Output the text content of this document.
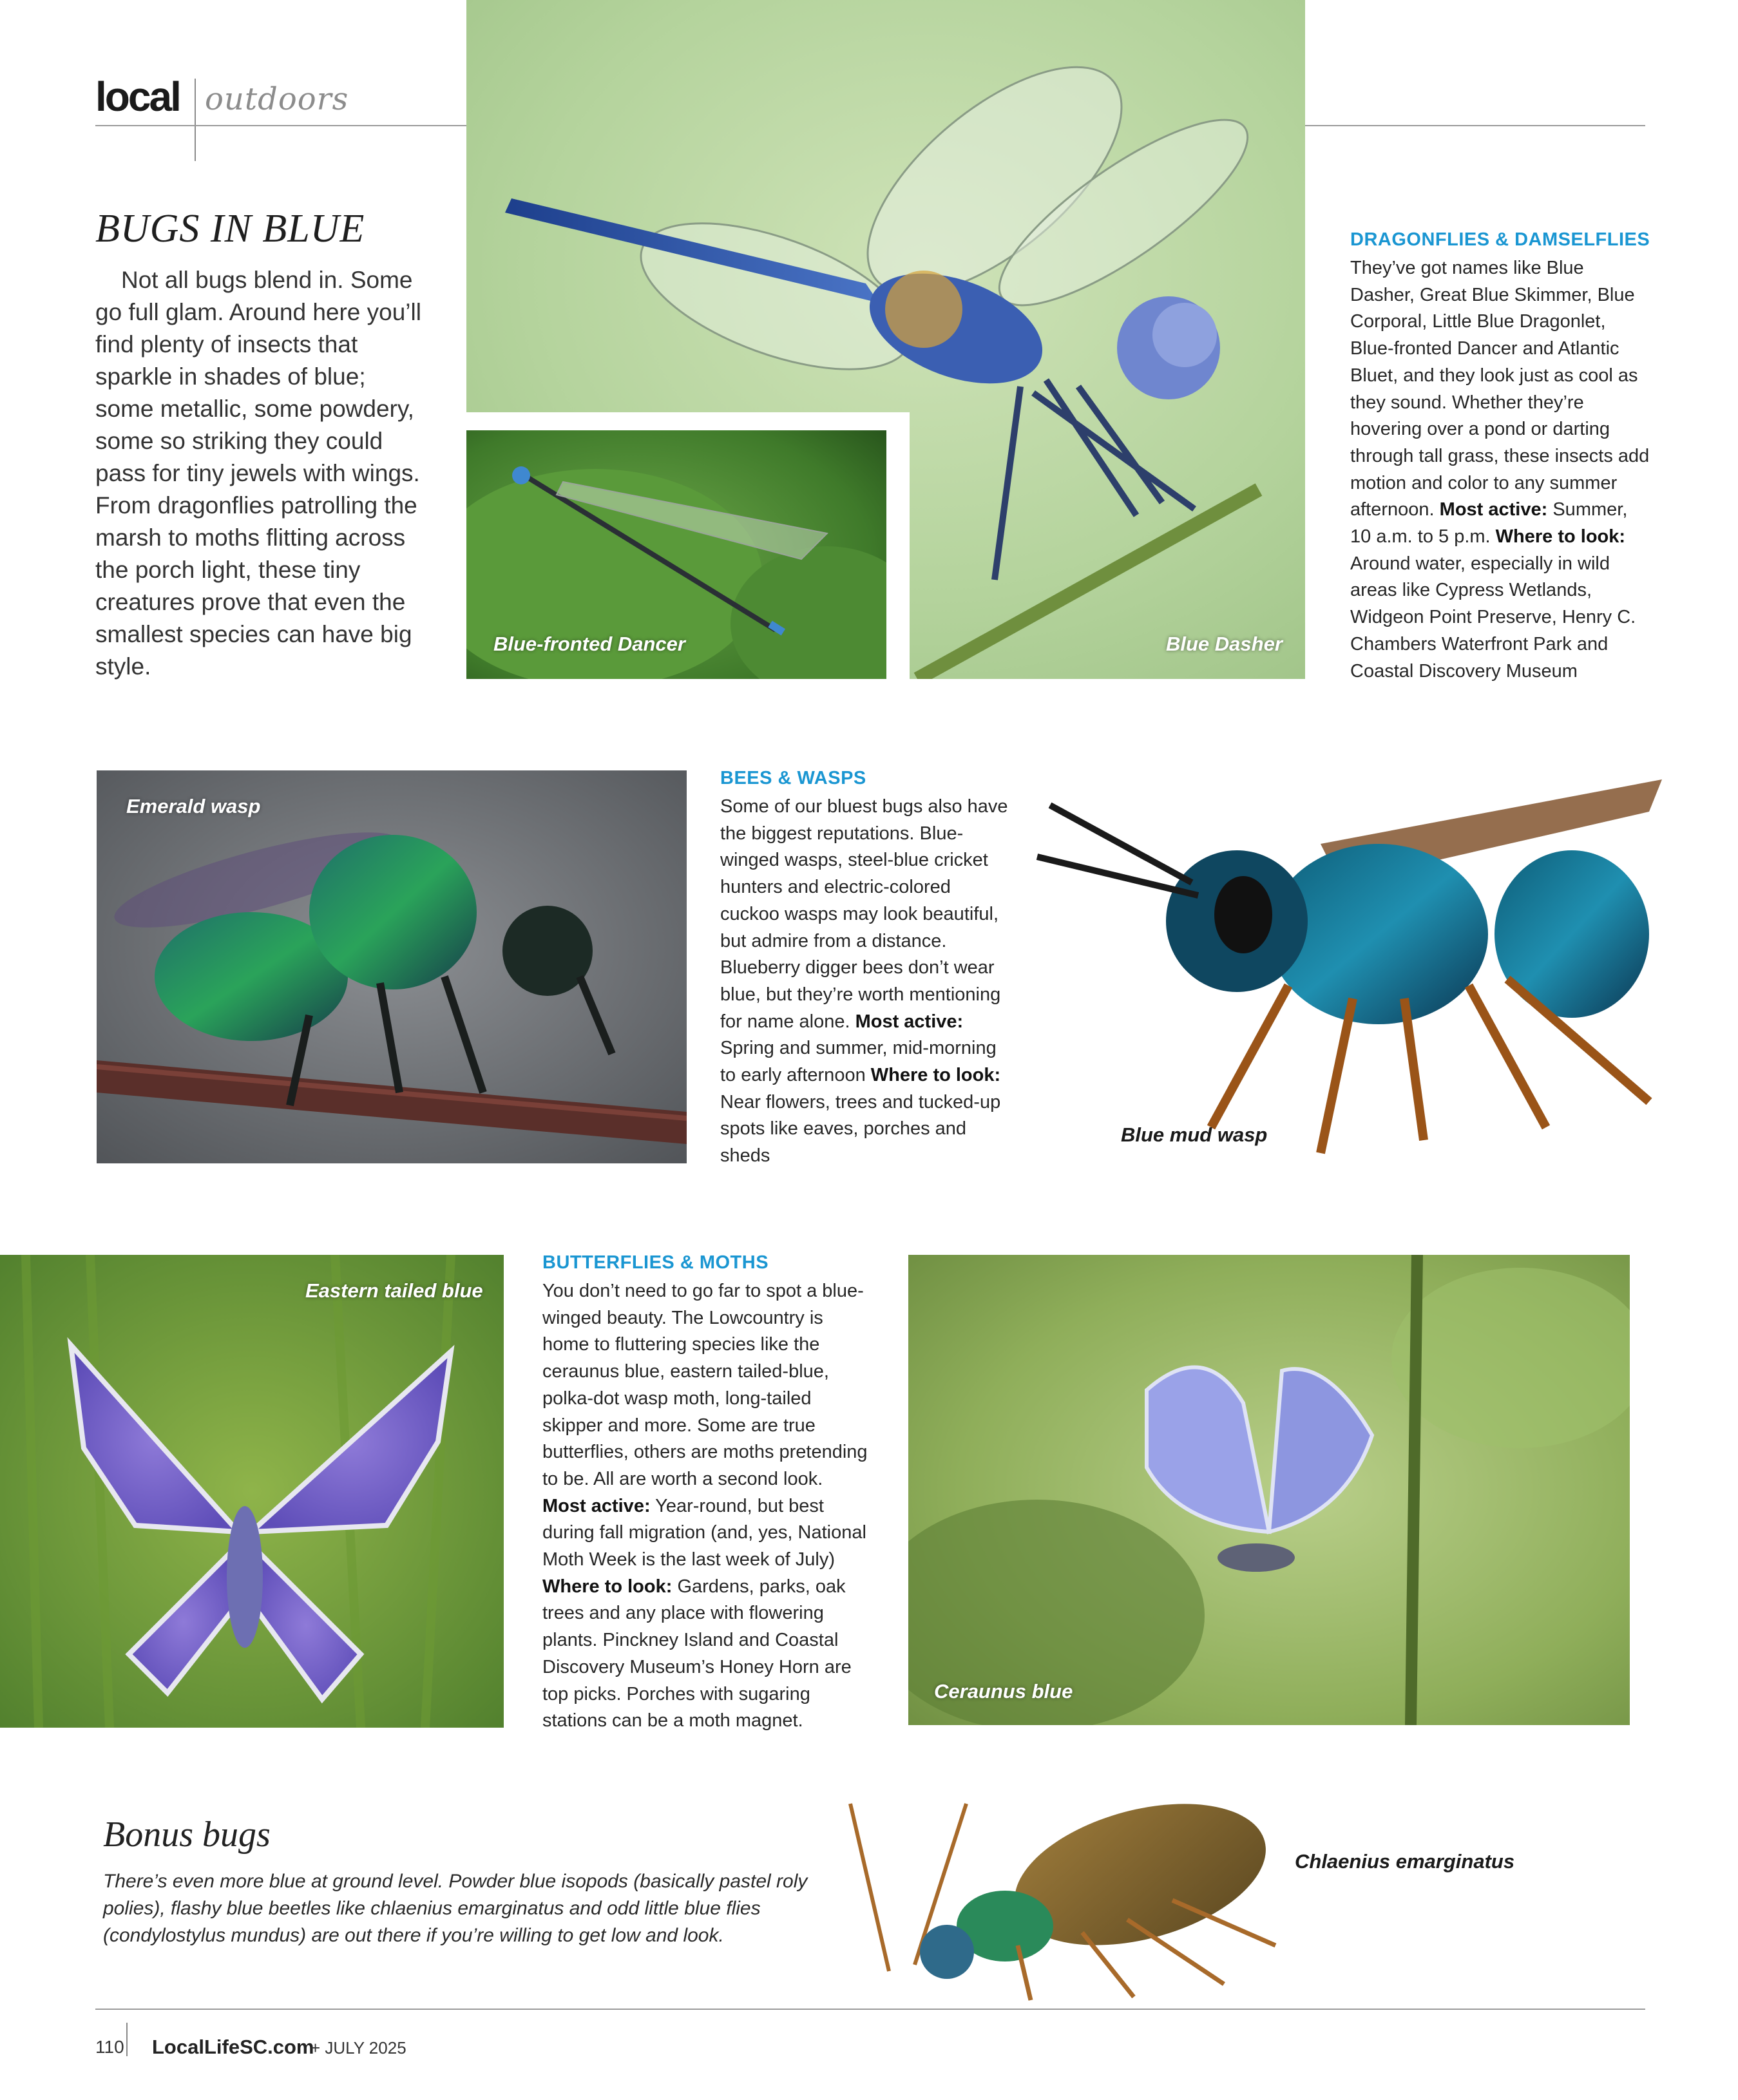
local outdoors
BUGS IN BLUE

Not all bugs blend in. Some go full glam. Around here you’ll find plenty of insects that sparkle in shades of blue; some metallic, some powdery, some so striking they could pass for tiny jewels with wings. From dragonflies patrolling the marsh to moths flitting across the porch light, these tiny creatures prove that even the smallest species can have big style.

Blue Dasher
Blue-fronted Dancer
DRAGONFLIES & DAMSELFLIES

They’ve got names like Blue Dasher, Great Blue Skimmer, Blue Corporal, Little Blue Dragonlet, Blue-fronted Dancer and Atlantic Bluet, and they look just as cool as they sound. Whether they’re hovering over a pond or darting through tall grass, these insects add motion and color to any summer afternoon. Most active: Summer, 10 a.m. to 5 p.m. Where to look: Around water, especially in wild areas like Cypress Wetlands, Widgeon Point Preserve, Henry C. Chambers Waterfront Park and Coastal Discovery Museum

Emerald wasp
BEES & WASPS

Some of our bluest bugs also have the biggest reputations. Blue-winged wasps, steel-blue cricket hunters and electric-colored cuckoo wasps may look beautiful, but admire from a distance. Blueberry digger bees don’t wear blue, but they’re worth mentioning for name alone. Most active: Spring and summer, mid-morning to early afternoon Where to look: Near flowers, trees and tucked-up spots like eaves, porches and sheds

Blue mud wasp
Eastern tailed blue
BUTTERFLIES & MOTHS

You don’t need to go far to spot a blue-winged beauty. The Lowcountry is home to fluttering species like the ceraunus blue, eastern tailed-blue, polka-dot wasp moth, long-tailed skipper and more. Some are true butterflies, others are moths pretending to be. All are worth a second look. Most active: Year-round, but best during fall migration (and, yes, National Moth Week is the last week of July) Where to look: Gardens, parks, oak trees and any place with flowering plants. Pinckney Island and Coastal Discovery Museum’s Honey Horn are top picks. Porches with sugaring stations can be a moth magnet.

Ceraunus blue
Bonus bugs

There’s even more blue at ground level. Powder blue isopods (basically pastel roly polies), flashy blue beetles like chlaenius emarginatus and odd little blue flies (condylostylus mundus) are out there if you’re willing to get low and look.

Chlaenius emarginatus
110 LocalLifeSC.com
+ JULY 2025
